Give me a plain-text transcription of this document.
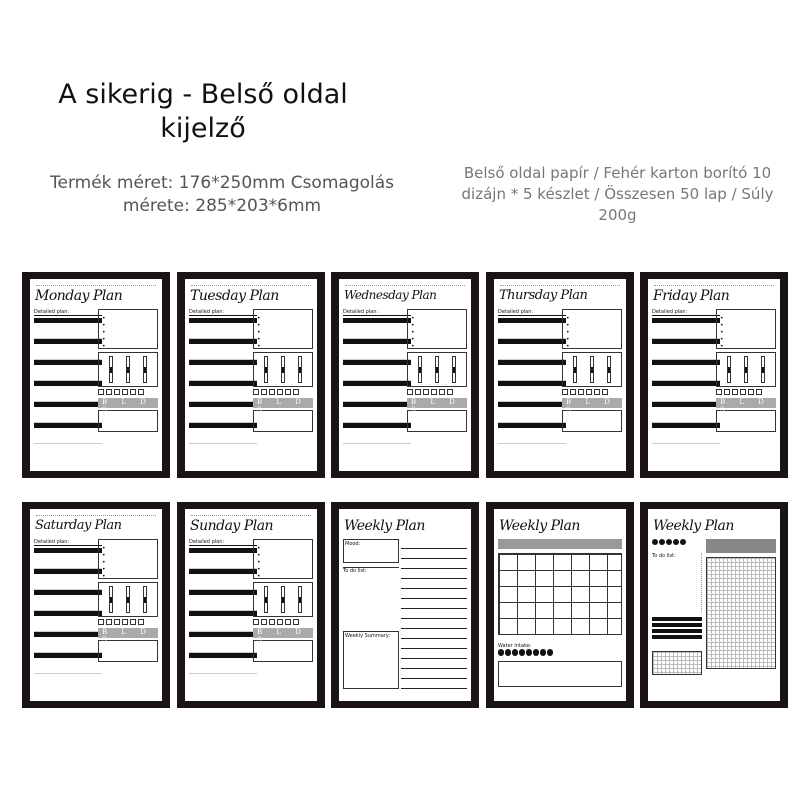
A sikerig - Belső oldal
kijelző
Termék méret: 176*250mm Csomagolás
mérete: 285*203*6mm
Belső oldal papír / Fehér karton borító 10
dizájn * 5 készlet / Összesen 50 lap / Súly
200g
Monday Plan
Detailed plan:
•
•
•
•
•
B L D S

Tuesday Plan
Detailed plan:
•
•
•
•
•
B L D S
Wednesday Plan
Detailed plan:
•
•
•
•
•
B L D S
Thursday Plan
Detailed plan:
•
•
•
•
•
B L D S
Friday Plan
Detailed plan:
•
•
•
•
•
B L D S
Saturday Plan
Detailed plan:
•
•
•
•
•
B L D S
Sunday Plan
Detailed plan:
•
•
•
•
•
B L D S
Weekly Plan
Mood:
To do list:
Weekly Summary:
Weekly Plan
Water intake:
Weekly Plan
To do list:
